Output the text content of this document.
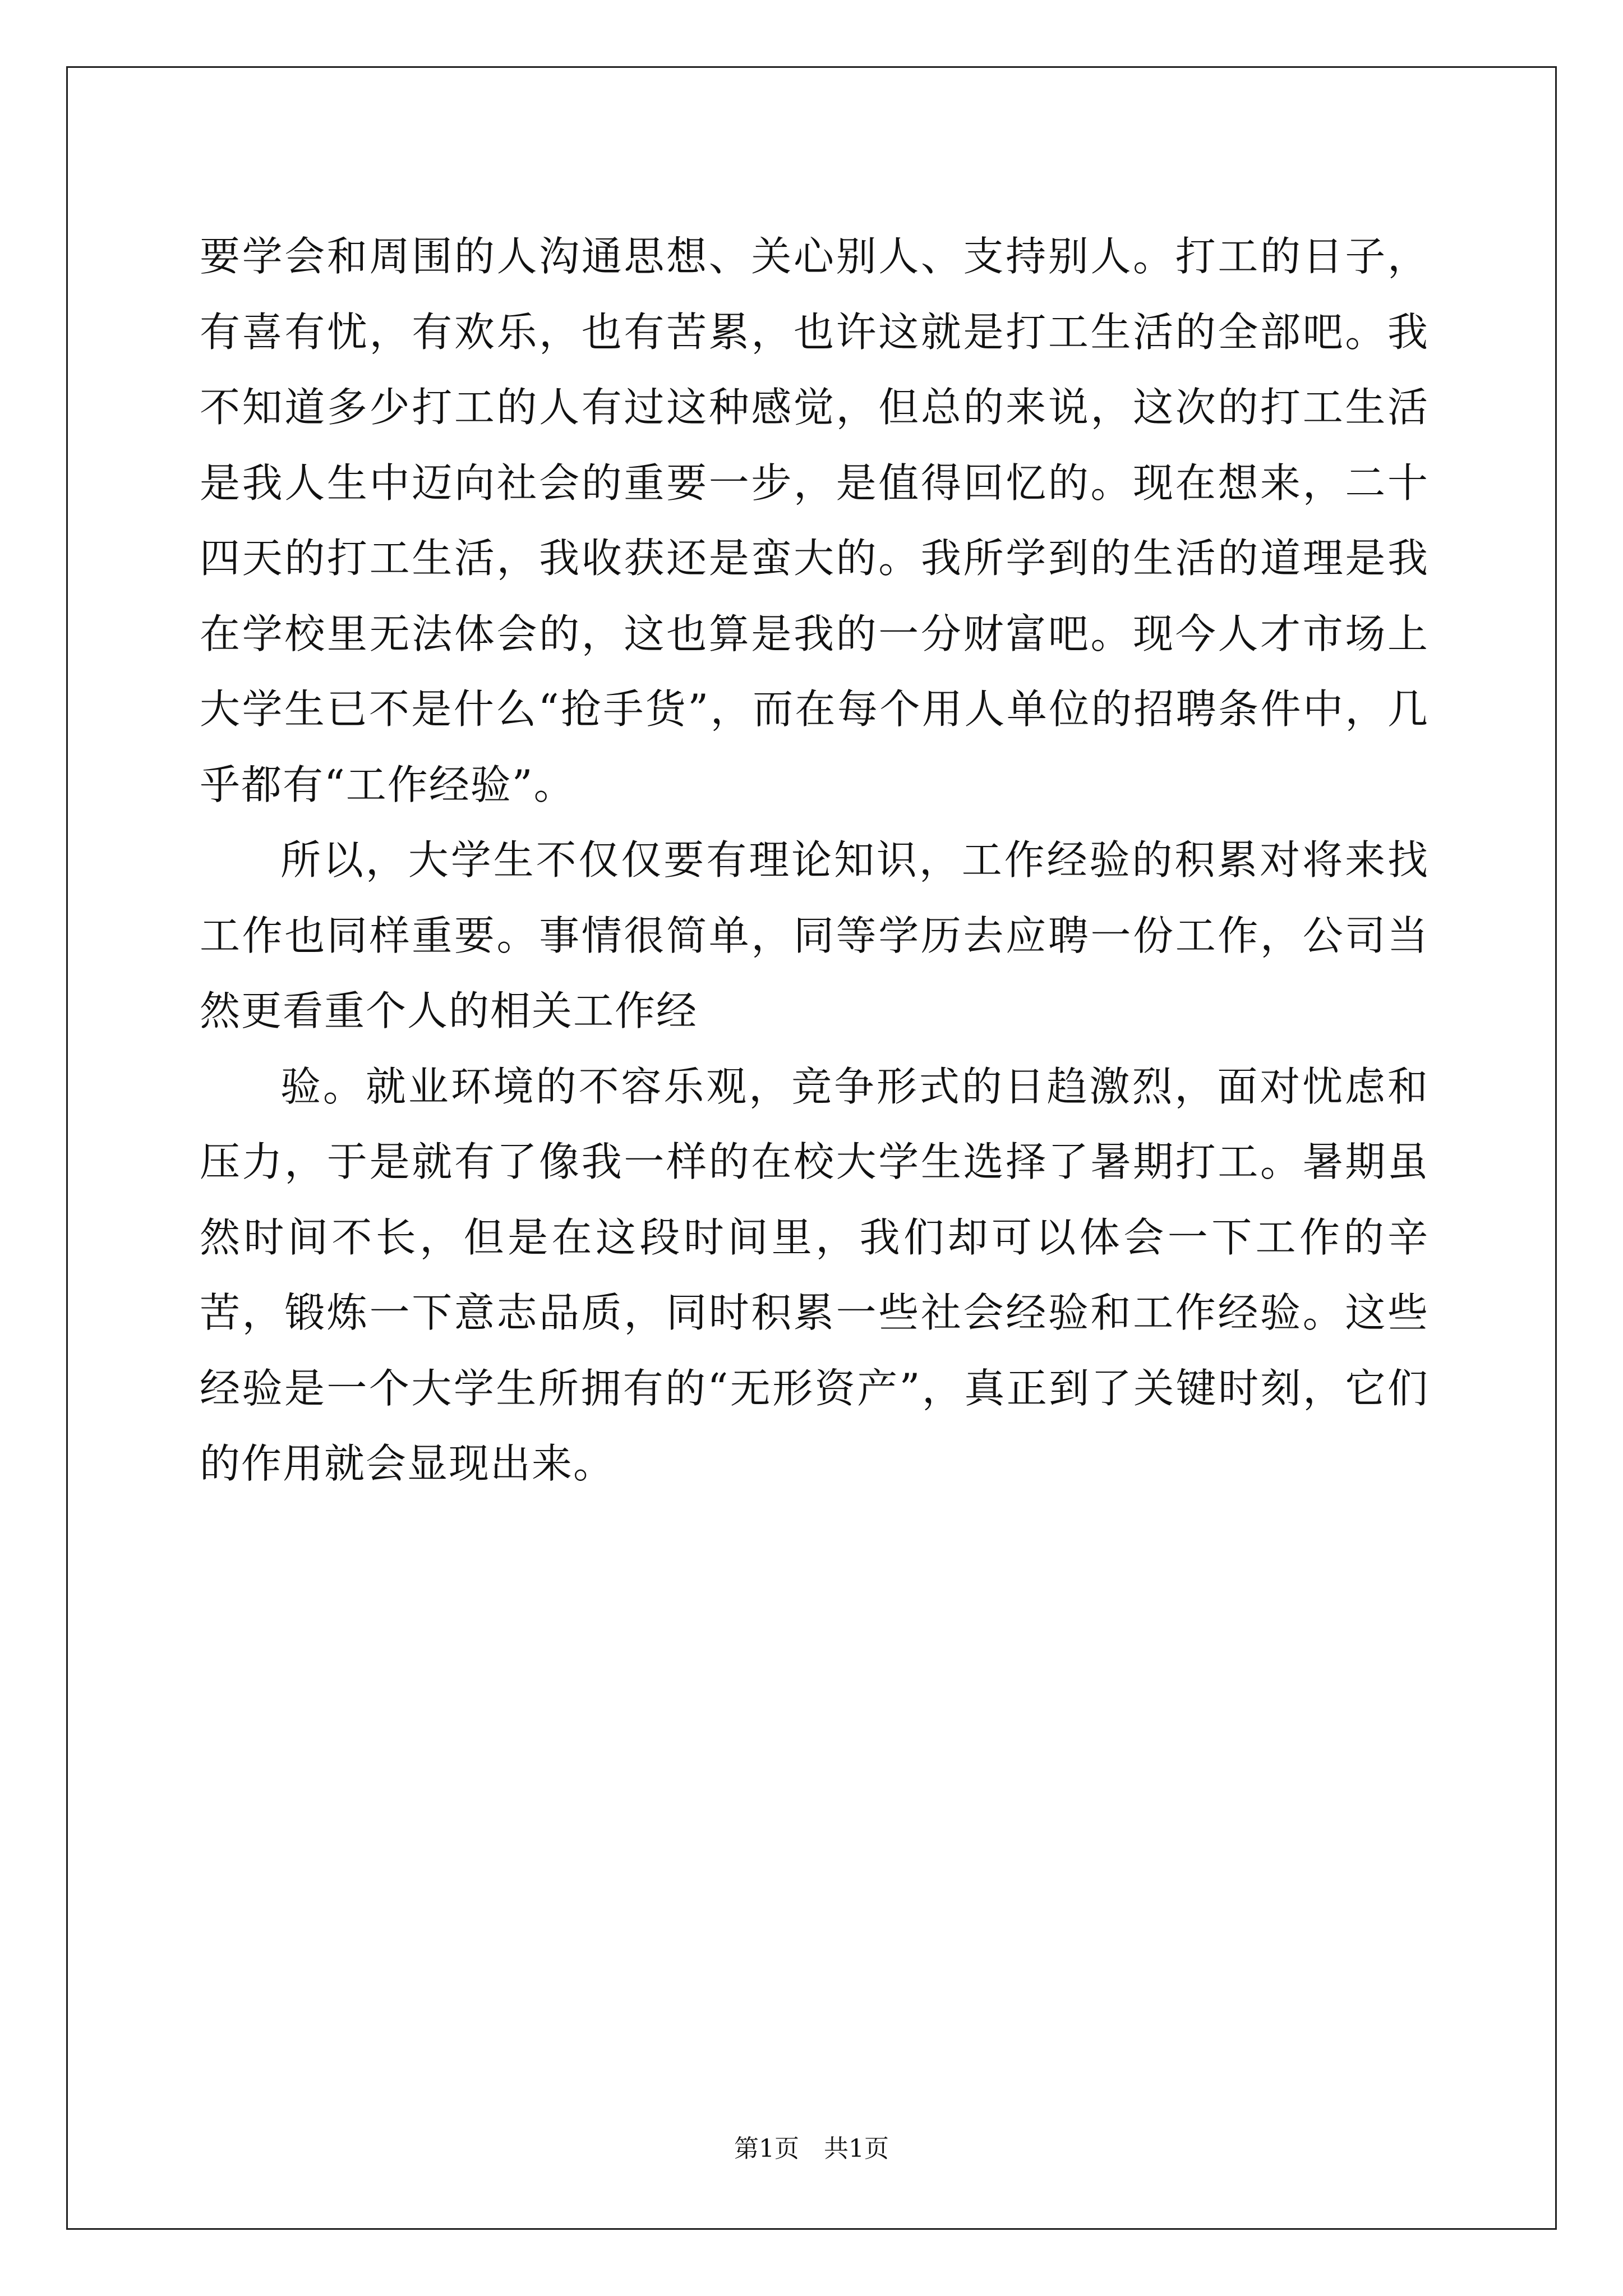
要学会和周围的人沟通思想、关心别人、支持别人。打工的日子，有喜有忧，有欢乐，也有苦累，也许这就是打工生活的全部吧。我不知道多少打工的人有过这种感觉，但总的来说，这次的打工生活是我人生中迈向社会的重要一步，是值得回忆的。现在想来，二十四天的打工生活，我收获还是蛮大的。我所学到的生活的道理是我在学校里无法体会的，这也算是我的一分财富吧。现今人才市场上大学生已不是什么“抢手货”，而在每个用人单位的招聘条件中，几乎都有“工作经验”。

所以，大学生不仅仅要有理论知识，工作经验的积累对将来找工作也同样重要。事情很简单，同等学历去应聘一份工作，公司当然更看重个人的相关工作经

验。就业环境的不容乐观，竞争形式的日趋激烈，面对忧虑和压力，于是就有了像我一样的在校大学生选择了暑期打工。暑期虽然时间不长，但是在这段时间里，我们却可以体会一下工作的辛苦，锻炼一下意志品质，同时积累一些社会经验和工作经验。这些经验是一个大学生所拥有的“无形资产”，真正到了关键时刻，它们的作用就会显现出来。

第1页 共1页
